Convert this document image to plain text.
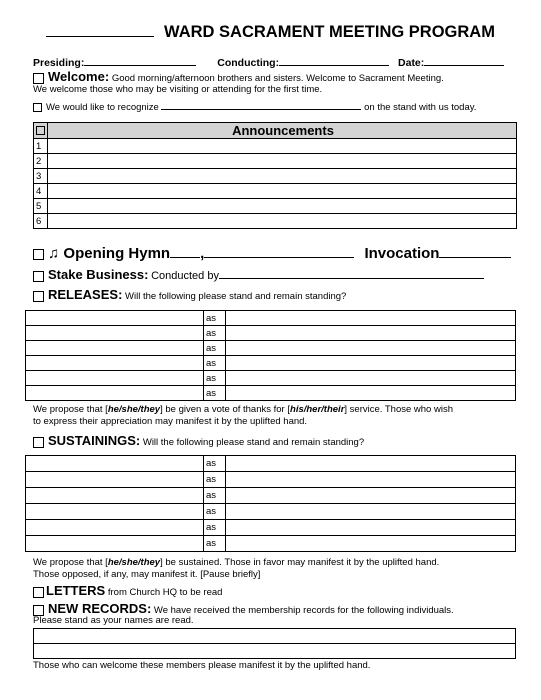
WARD SACRAMENT MEETING PROGRAM
Presiding:	Conducting:	Date:
Welcome: Good morning/afternoon brothers and sisters. Welcome to Sacrament Meeting.
We welcome those who may be visiting or attending for the first time.
We would like to recognize	on the stand with us today.
	Announcements
1	
2	
3	
4	
5	
6	
♫ Opening Hymn ,	Invocation
Stake Business: Conducted by
RELEASES: Will the following please stand and remain standing?
	as	
	as	
	as	
	as	
	as	
	as	
We propose that [he/she/they] be given a vote of thanks for [his/her/their] service. Those who wish
to express their appreciation may manifest it by the uplifted hand.
SUSTAININGS: Will the following please stand and remain standing?
	as	
	as	
	as	
	as	
	as	
	as	
We propose that [he/she/they] be sustained. Those in favor may manifest it by the uplifted hand.
Those opposed, if any, may manifest it. [Pause briefly]
LETTERS from Church HQ to be read
NEW RECORDS: We have received the membership records for the following individuals.
Please stand as your names are read.

Those who can welcome these members please manifest it by the uplifted hand.
